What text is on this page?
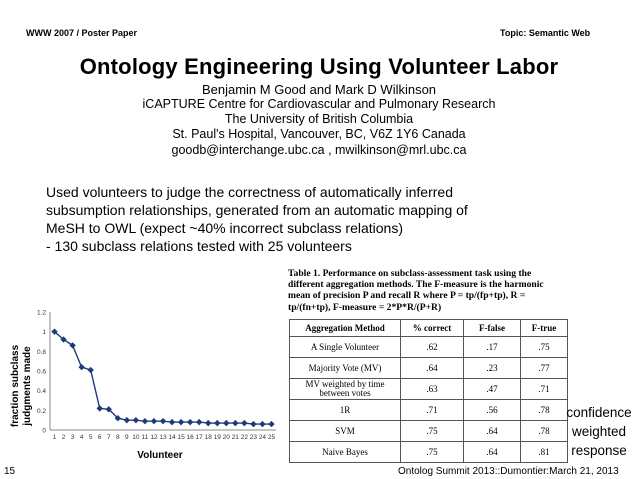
WWW 2007 / Poster Paper	Topic: Semantic Web
Ontology Engineering Using Volunteer Labor
Benjamin M Good and Mark D Wilkinson
iCAPTURE Centre for Cardiovascular and Pulmonary Research
The University of British Columbia
St. Paul's Hospital, Vancouver, BC, V6Z 1Y6 Canada
goodb@interchange.ubc.ca , mwilkinson@mrl.ubc.ca
Used volunteers to judge the correctness of automatically inferred
subsumption relationships, generated from an automatic mapping of
MeSH to OWL (expect ~40% incorrect subclass relations)
- 130 subclass relations tested with 25 volunteers
Table 1. Performance on subclass-assessment task using the different aggregation methods. The F-measure is the harmonic mean of precision P and recall R where P = tp/(fp+tp), R = tp/(fn+tp), F-measure = 2*P*R/(P+R)
Aggregation Method	% correct	F-false	F-true
A Single Volunteer	.62	.17	.75
Majority Vote (MV)	.64	.23	.77
MV weighted by time between votes	.63	.47	.71
1R	.71	.56	.78
SVM	.75	.64	.78
Naive Bayes	.75	.64	.81
0
0.2
0.4
0.6
0.8
1
1.2
1 2 3 4 5 6 7 8 9 10 11 12 13 14 15 16 17 18 19 20 21 22 23 24 25
Volunteer
fraction subclass judgments made	confidence
weighted
response
15	Ontolog Summit 2013::Dumontier:March 21, 2013
